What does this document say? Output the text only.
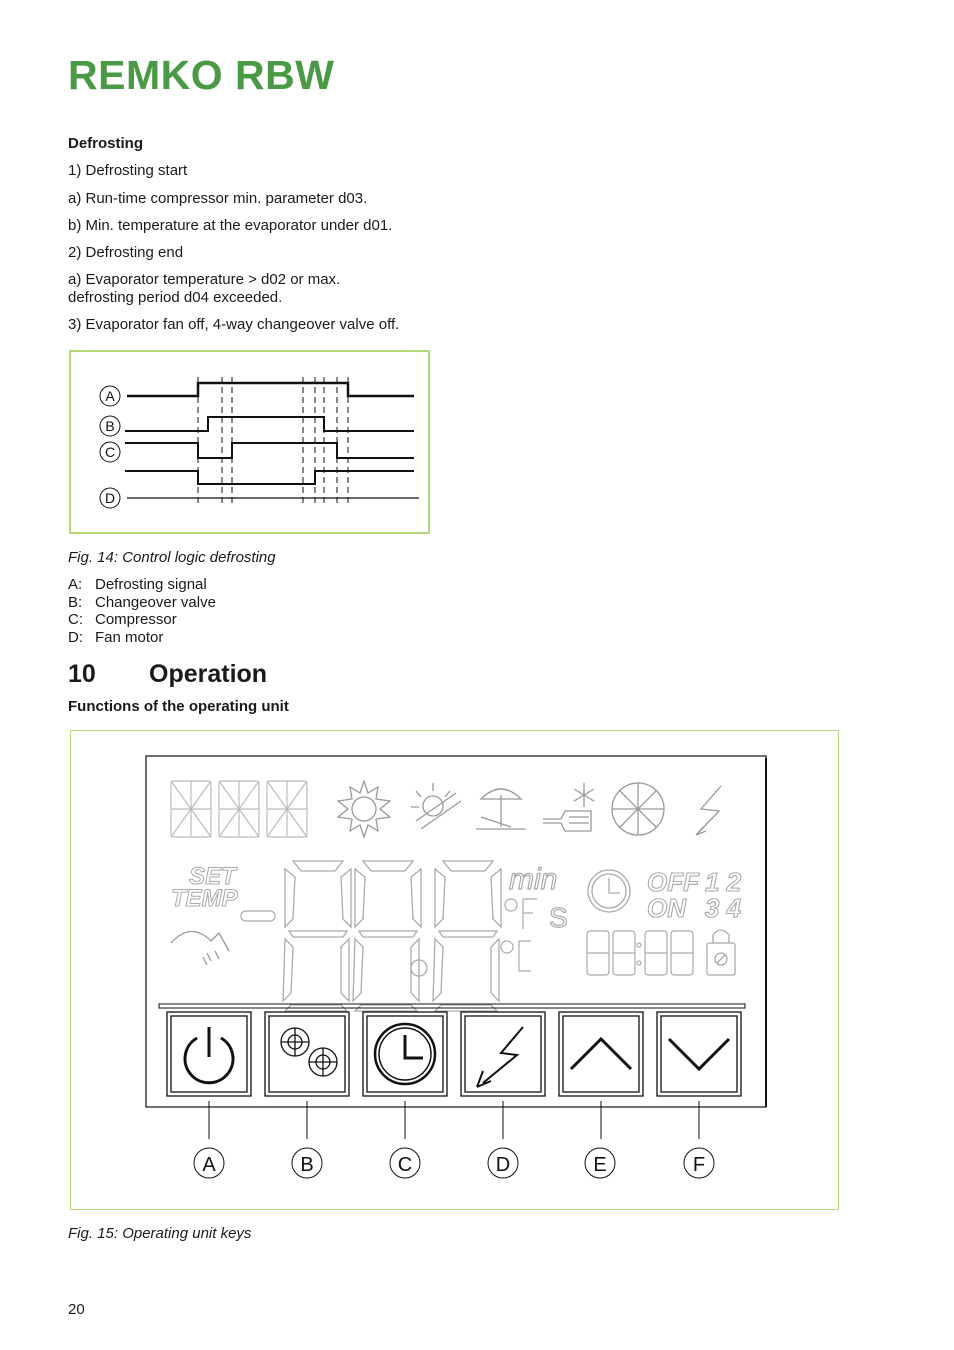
REMKO RBW
Defrosting
1) Defrosting start
a) Run-time compressor min. parameter d03.
b) Min. temperature at the evaporator under d01.
2) Defrosting end
a) Evaporator temperature > d02 or max.
defrosting period d04 exceeded.
3) Evaporator fan off, 4-way changeover valve off.
A
B
C
D
Fig. 14: Control logic defrosting
A: Defrosting signal
B: Changeover valve
C: Compressor
D: Fan motor
10 Operation
Functions of the operating unit
SET
TEMP
min
S
OFF
ON
1 2
3 4
A	B	C	D	E	F
Fig. 15: Operating unit keys
20
